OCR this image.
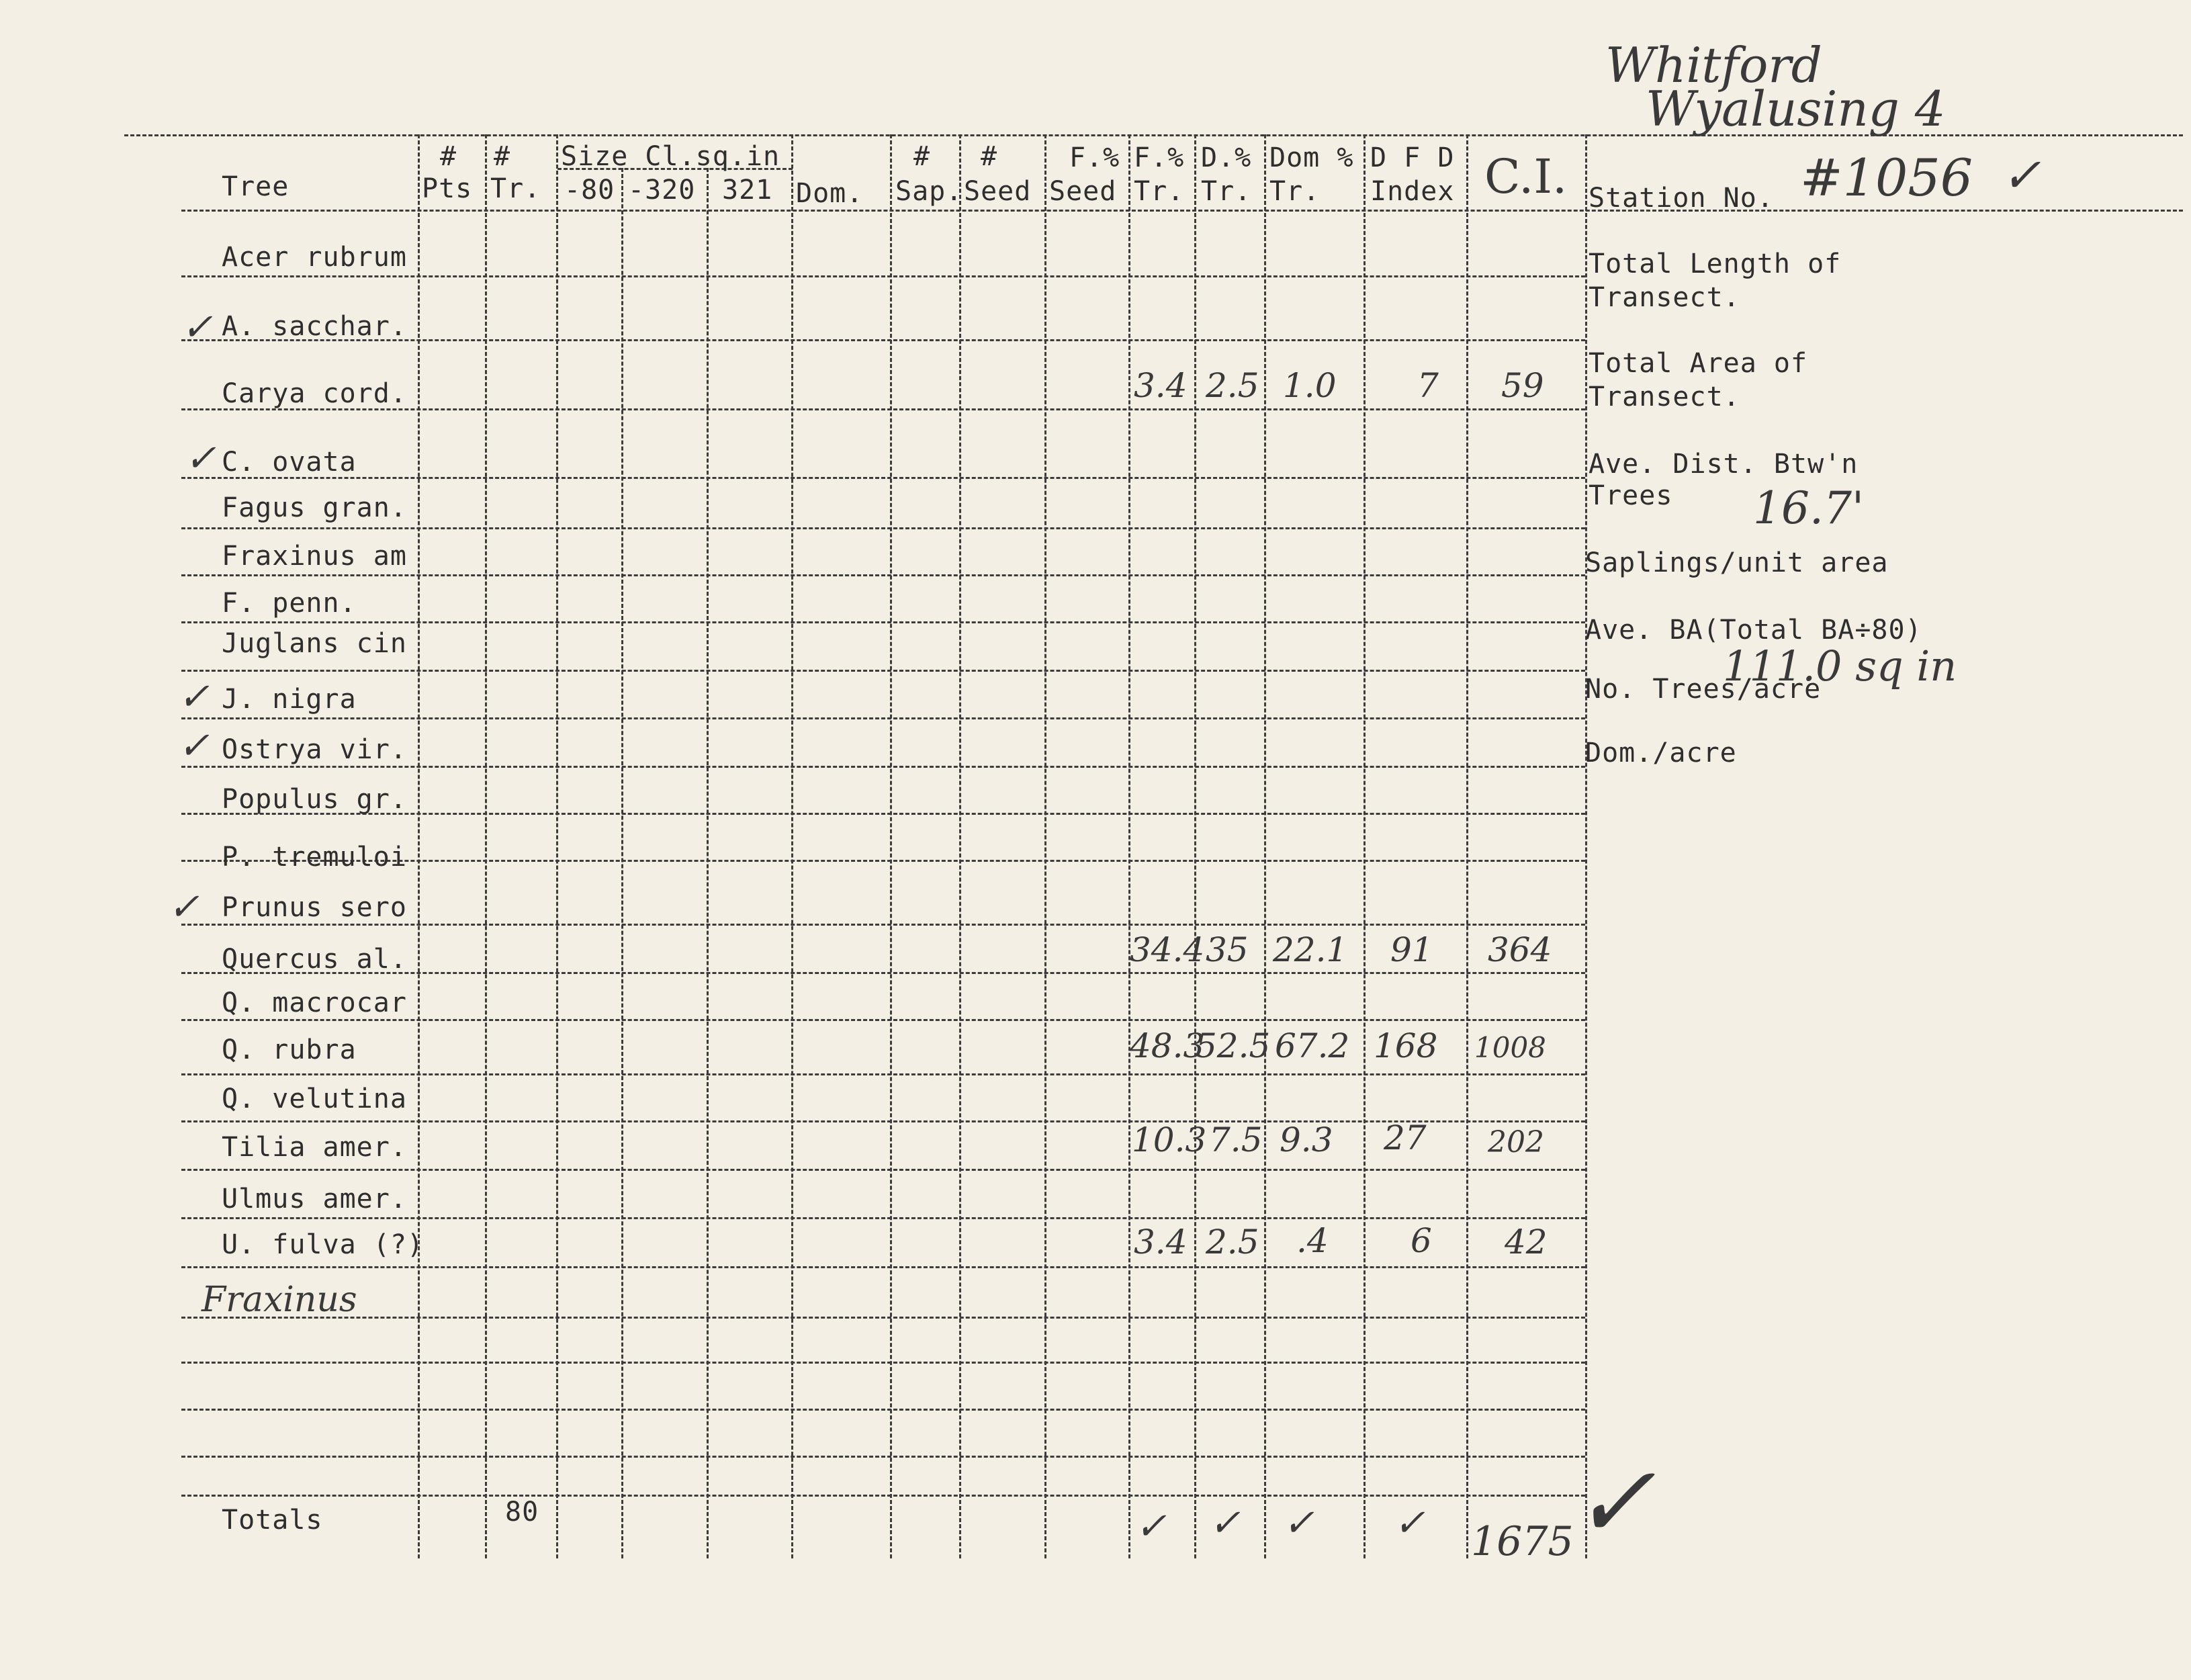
Whitford
Wyalusing 4
#1056 ✓
Tree
#
Pts
#
Tr.
Size Cl.sq.in
-80 -320 321 Dom.
#
Sap.
#
Seed
F.%
Seed
F.%
Tr.
D.%
Tr.
Dom %
Tr.
D F D
Index C.I.
Acer rubrum
A. sacchar.
Carya cord.
C. ovata
Fagus gran.
Fraxinus am
F. penn.
Juglans cin
J. nigra
Ostrya vir.
Populus gr.
P. tremuloi
Prunus sero
Quercus al.
Q. macrocar
Q. rubra
Q. velutina
Tilia amer.
Ulmus amer.
U. fulva (?)
Fraxinus
✓
✓
✓
✓
✓
3.4 2.5 1.0 7 59
34.4 35 22.1 91 364
48.3
52.5 67.2 168 1008
10.3 7.5 9.3 27 202
3.4 2.5 .4 6 42
Totals	80	✓ ✓ ✓ ✓ 1675
✓
Station No.
Total Length of
Transect.
Total Area of
Transect.
Ave. Dist. Btw'n
Trees 16.7'
Saplings/unit area
Ave. BA(Total BA÷80)
111.0 sq in
No. Trees/acre
Dom./acre
